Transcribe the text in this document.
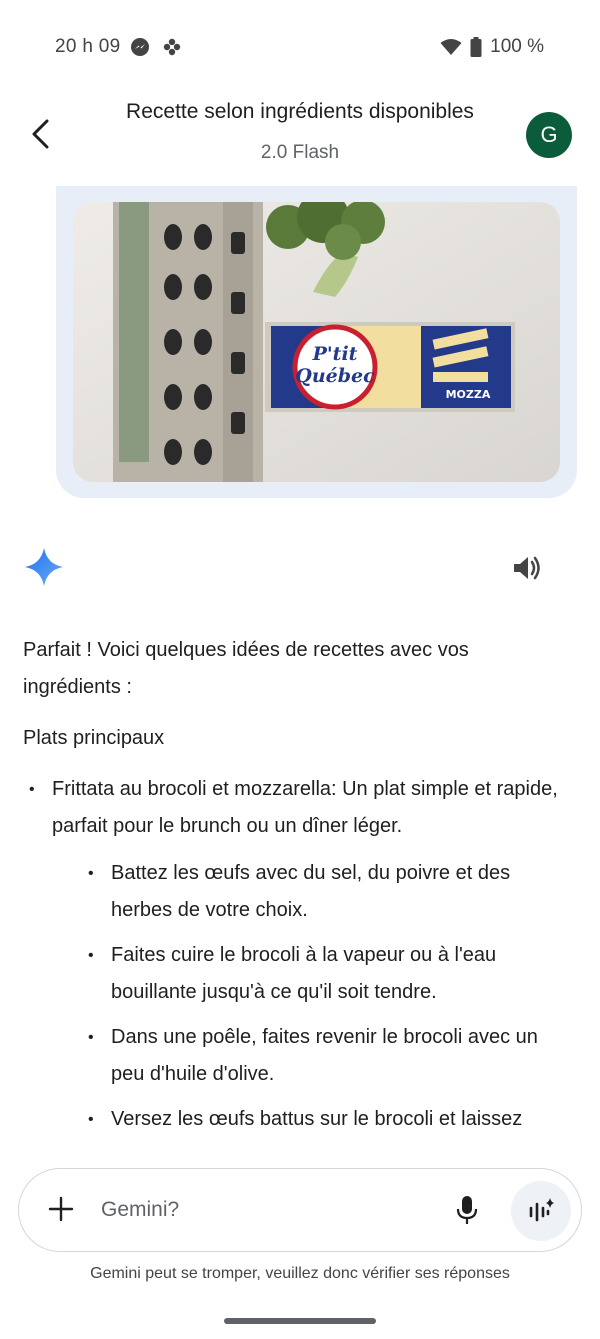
20 h 09	100 %
Recette selon ingrédients disponibles
2.0 Flash
G
P'tit
Québec
MOZZA

Parfait ! Voici quelques idées de recettes avec vos ingrédients :

Plats principaux

• Frittata au brocoli et mozzarella: Un plat simple et rapide, parfait pour le brunch ou un dîner léger.
• Battez les œufs avec du sel, du poivre et des herbes de votre choix.
• Faites cuire le brocoli à la vapeur ou à l'eau bouillante jusqu'à ce qu'il soit tendre.
• Dans une poêle, faites revenir le brocoli avec un peu d'huile d'olive.
• Versez les œufs battus sur le brocoli et laissez
Gemini?
Gemini peut se tromper, veuillez donc vérifier ses réponses
